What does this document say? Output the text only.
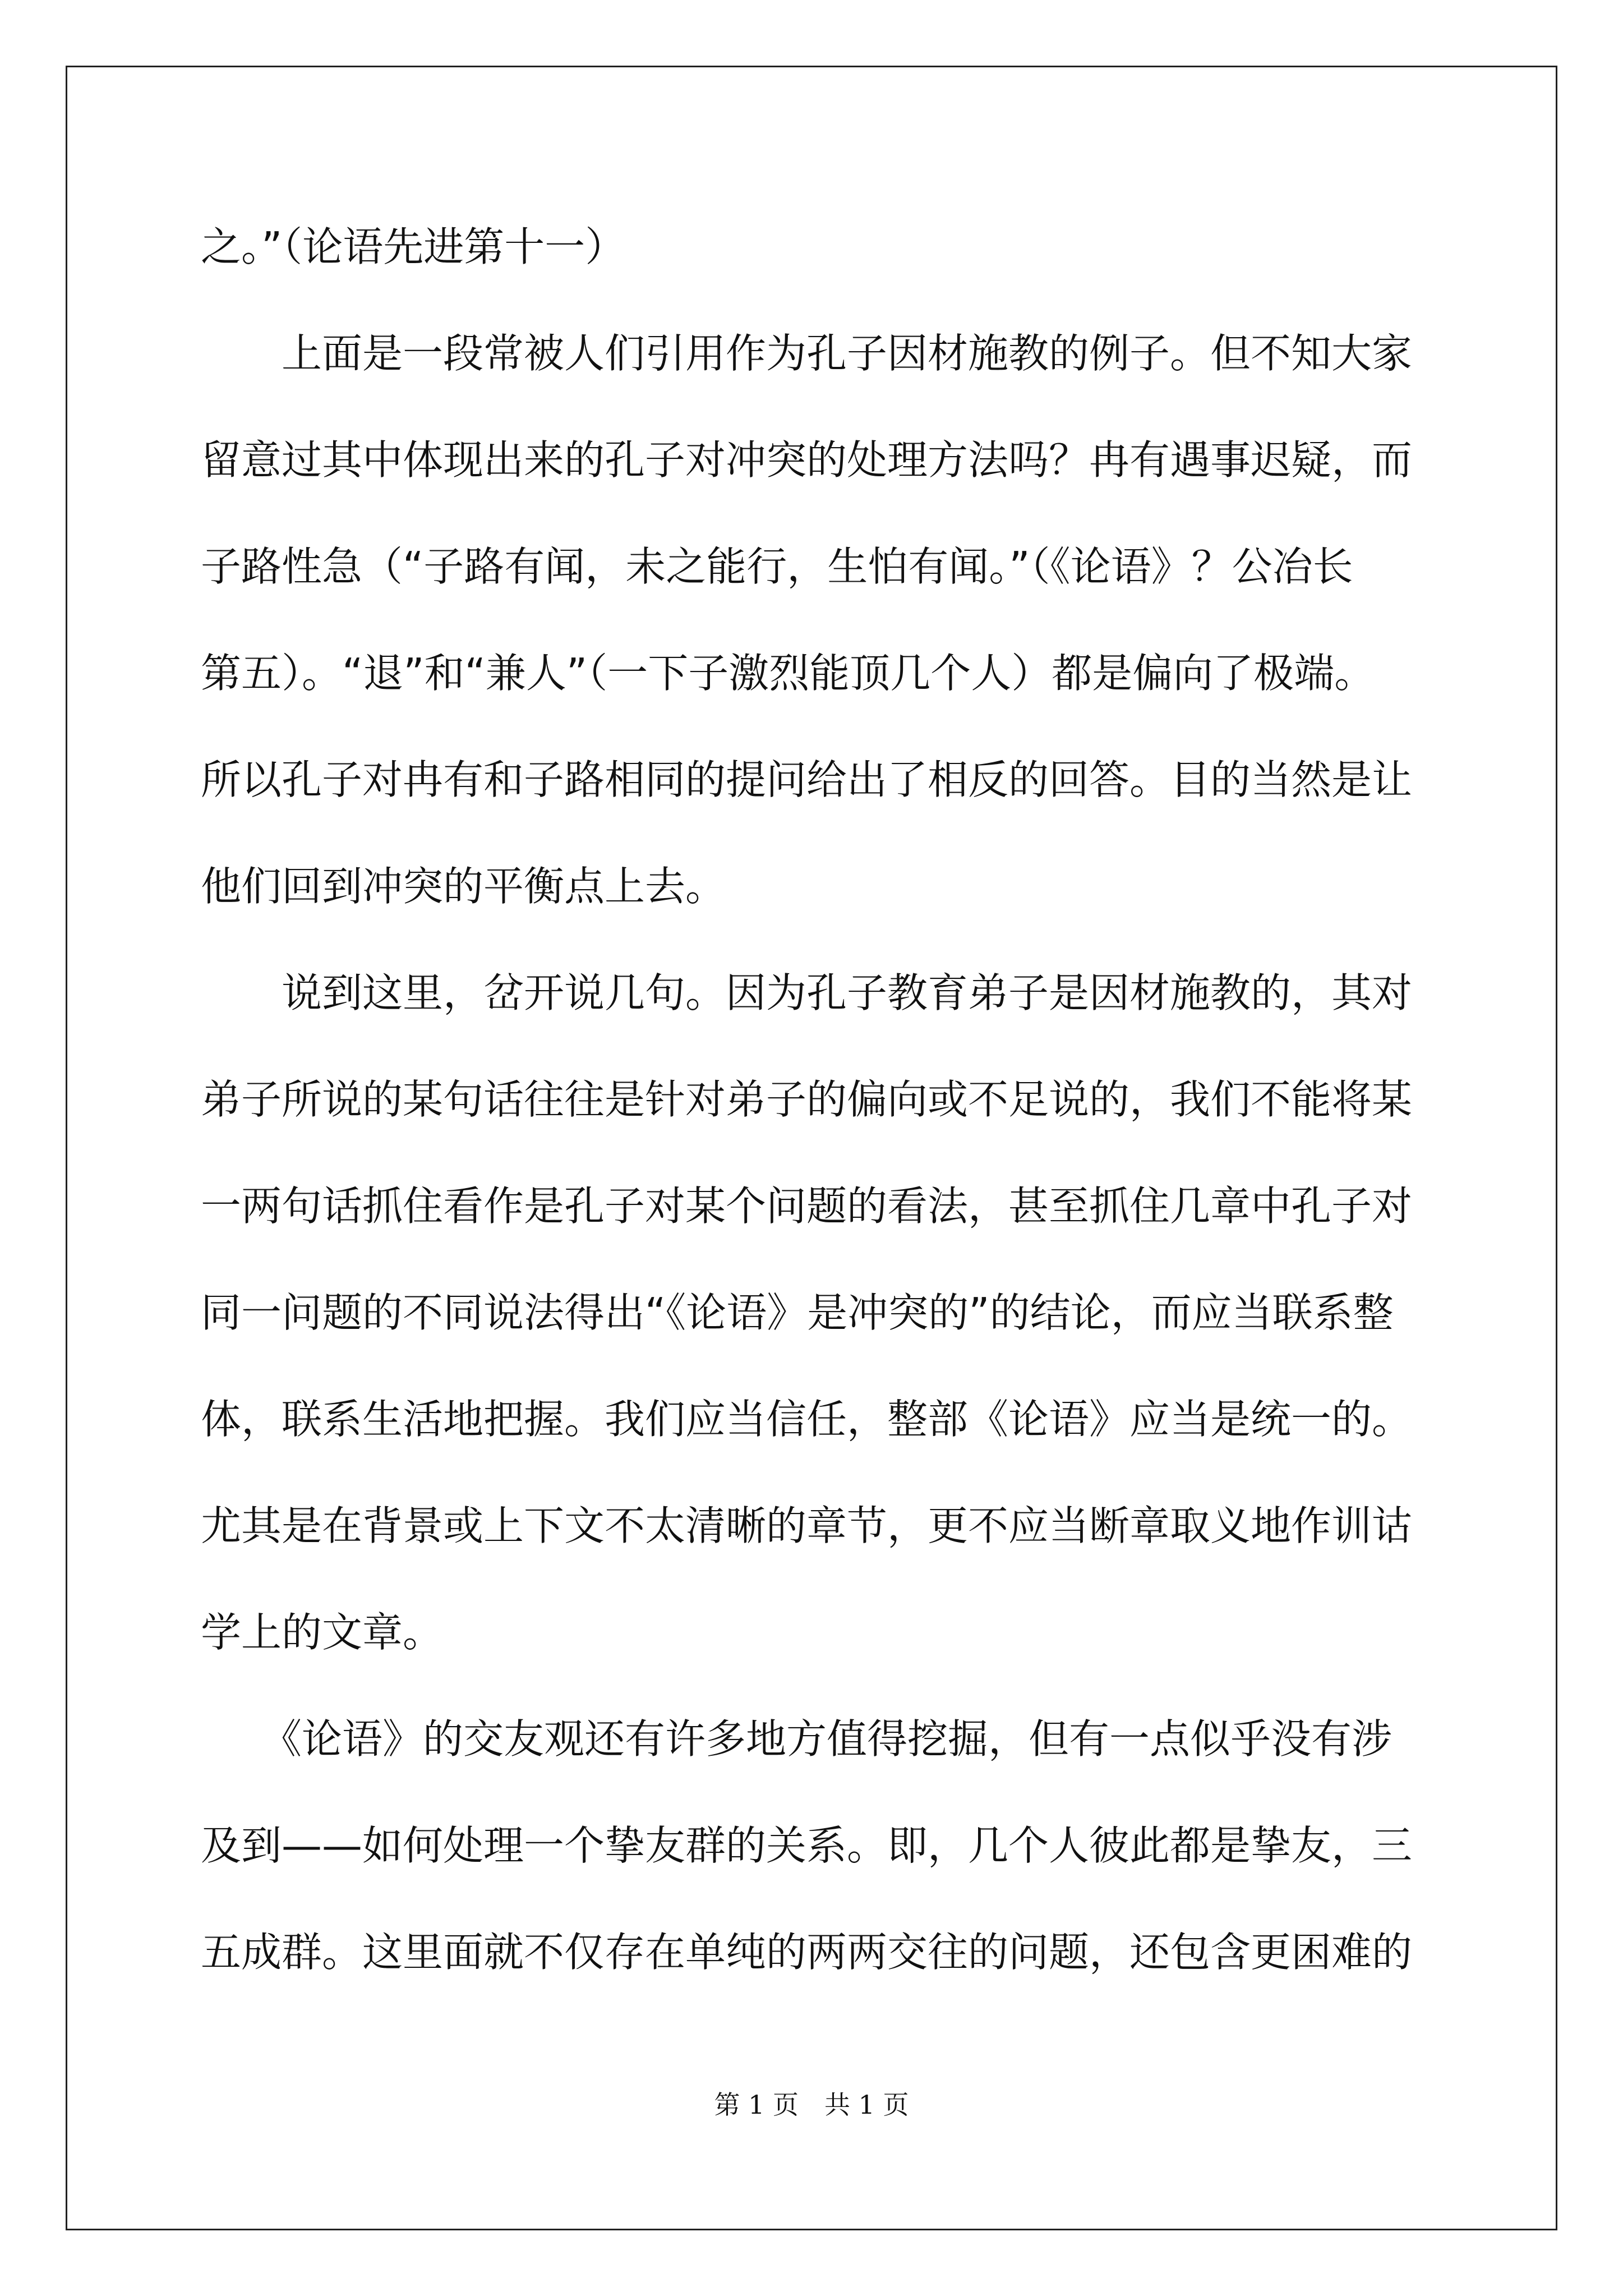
之。”（论语先进第十一）
　　上面是一段常被人们引用作为孔子因材施教的例子。但不知大家
留意过其中体现出来的孔子对冲突的处理方法吗？冉有遇事迟疑，而
子路性急（“子路有闻，未之能行，生怕有闻。”（《论语》？公冶长
第五）。“退”和“兼人”（一下子激烈能顶几个人）都是偏向了极端。
所以孔子对冉有和子路相同的提问给出了相反的回答。目的当然是让
他们回到冲突的平衡点上去。
　　说到这里，岔开说几句。因为孔子教育弟子是因材施教的，其对
弟子所说的某句话往往是针对弟子的偏向或不足说的，我们不能将某
一两句话抓住看作是孔子对某个问题的看法，甚至抓住几章中孔子对
同一问题的不同说法得出“《论语》是冲突的”的结论，而应当联系整
体，联系生活地把握。我们应当信任，整部《论语》应当是统一的。
尤其是在背景或上下文不太清晰的章节，更不应当断章取义地作训诂
学上的文章。
　　《论语》的交友观还有许多地方值得挖掘，但有一点似乎没有涉
及到——如何处理一个挚友群的关系。即，几个人彼此都是挚友，三
五成群。这里面就不仅存在单纯的两两交往的问题，还包含更困难的
第 1 页　共 1 页
